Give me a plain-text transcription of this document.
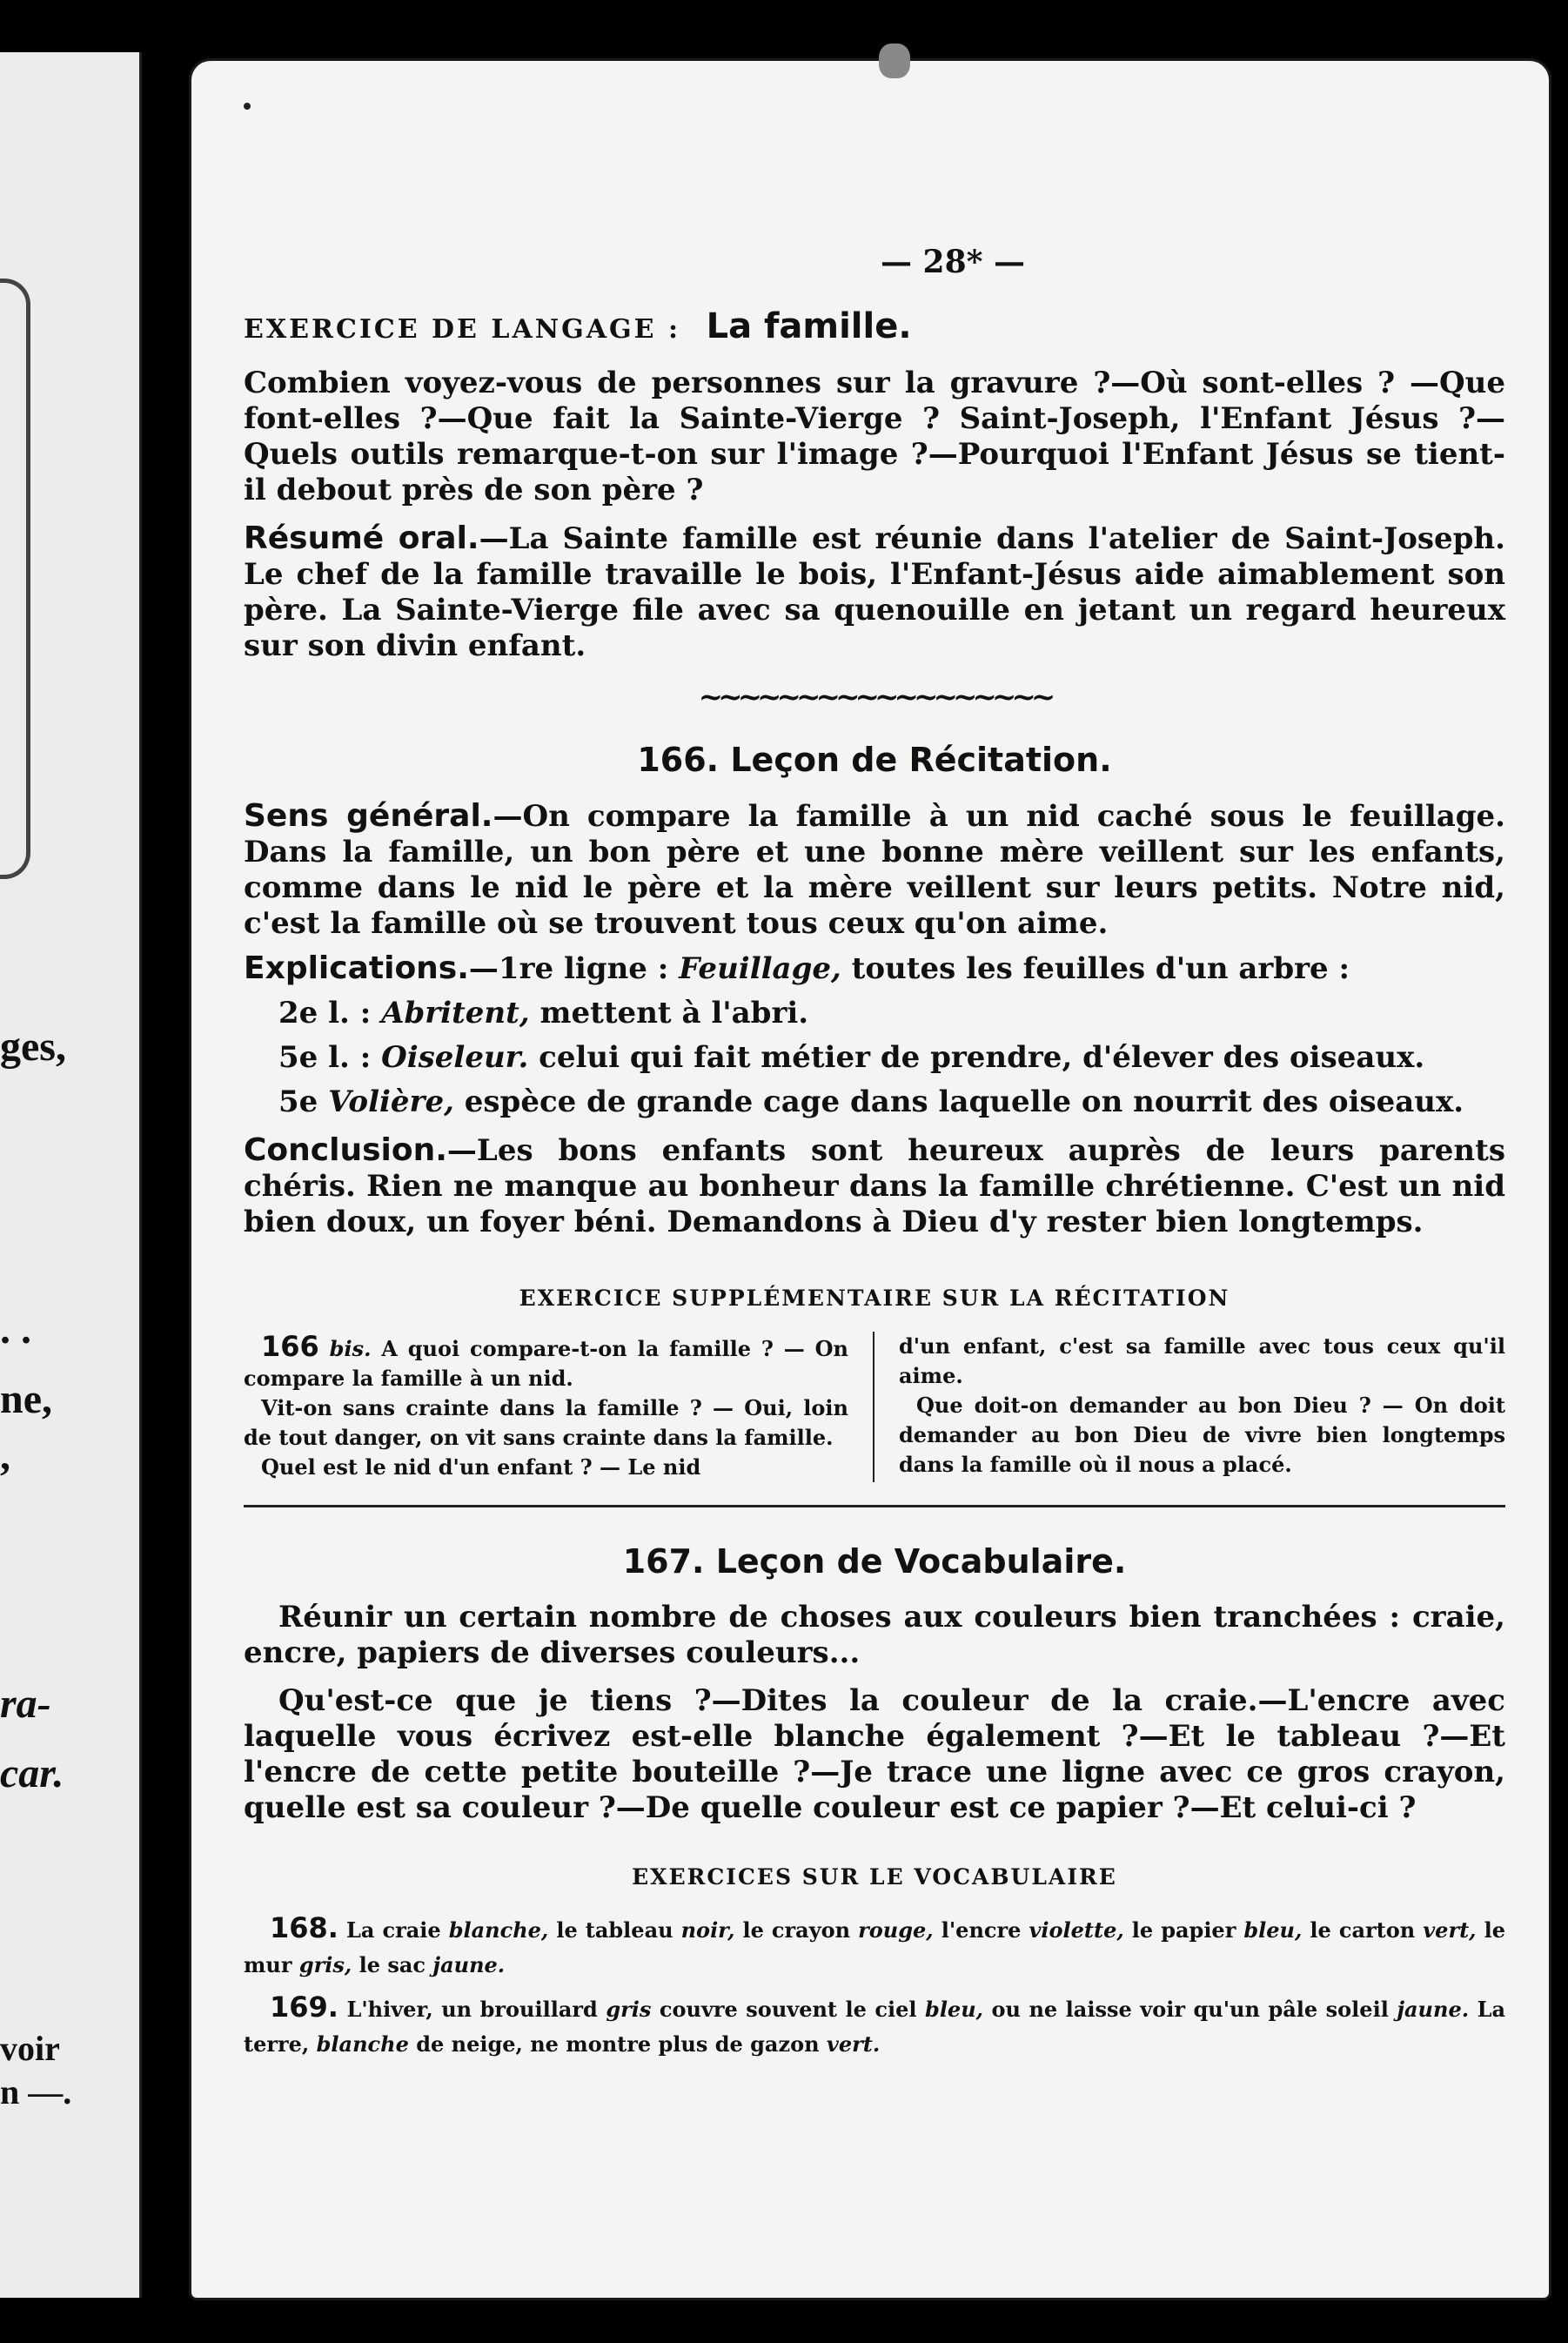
ges,
. .
ne,
,
ra-
car.
voir
n —.
— 28* —
EXERCICE DE LANGAGE : La famille.

Combien voyez-vous de personnes sur la gravure ?—Où sont-elles ? —Que font-elles ?—Que fait la Sainte-Vierge ? Saint-Joseph, l'Enfant Jésus ?—Quels outils remarque-t-on sur l'image ?—Pourquoi l'Enfant Jésus se tient-il debout près de son père ?

Résumé oral.—La Sainte famille est réunie dans l'atelier de Saint-Joseph. Le chef de la famille travaille le bois, l'Enfant-Jésus aide aimablement son père. La Sainte-Vierge file avec sa quenouille en jetant un regard heureux sur son divin enfant.

~~~~~~~~~~~~~~~~~~
166. Leçon de Récitation.

Sens général.—On compare la famille à un nid caché sous le feuillage. Dans la famille, un bon père et une bonne mère veillent sur les enfants, comme dans le nid le père et la mère veillent sur leurs petits. Notre nid, c'est la famille où se trouvent tous ceux qu'on aime.

Explications.—1re ligne : Feuillage, toutes les feuilles d'un arbre :

2e l. : Abritent, mettent à l'abri.

5e l. : Oiseleur. celui qui fait métier de prendre, d'élever des oiseaux.

5e Volière, espèce de grande cage dans laquelle on nourrit des oiseaux.

Conclusion.—Les bons enfants sont heureux auprès de leurs parents chéris. Rien ne manque au bonheur dans la famille chrétienne. C'est un nid bien doux, un foyer béni. Demandons à Dieu d'y rester bien longtemps.

EXERCICE SUPPLÉMENTAIRE SUR LA RÉCITATION

166 bis. A quoi compare-t-on la famille ? — On compare la famille à un nid.

Vit-on sans crainte dans la famille ? — Oui, loin de tout danger, on vit sans crainte dans la famille.

Quel est le nid d'un enfant ? — Le nid

d'un enfant, c'est sa famille avec tous ceux qu'il aime.

Que doit-on demander au bon Dieu ? — On doit demander au bon Dieu de vivre bien longtemps dans la famille où il nous a placé.

167. Leçon de Vocabulaire.

Réunir un certain nombre de choses aux couleurs bien tranchées : craie, encre, papiers de diverses couleurs...

Qu'est-ce que je tiens ?—Dites la couleur de la craie.—L'encre avec laquelle vous écrivez est-elle blanche également ?—Et le tableau ?—Et l'encre de cette petite bouteille ?—Je trace une ligne avec ce gros crayon, quelle est sa couleur ?—De quelle couleur est ce papier ?—Et celui-ci ?

EXERCICES SUR LE VOCABULAIRE

168. La craie blanche, le tableau noir, le crayon rouge, l'encre violette, le papier bleu, le carton vert, le mur gris, le sac jaune.

169. L'hiver, un brouillard gris couvre souvent le ciel bleu, ou ne laisse voir qu'un pâle soleil jaune. La terre, blanche de neige, ne montre plus de gazon vert.
